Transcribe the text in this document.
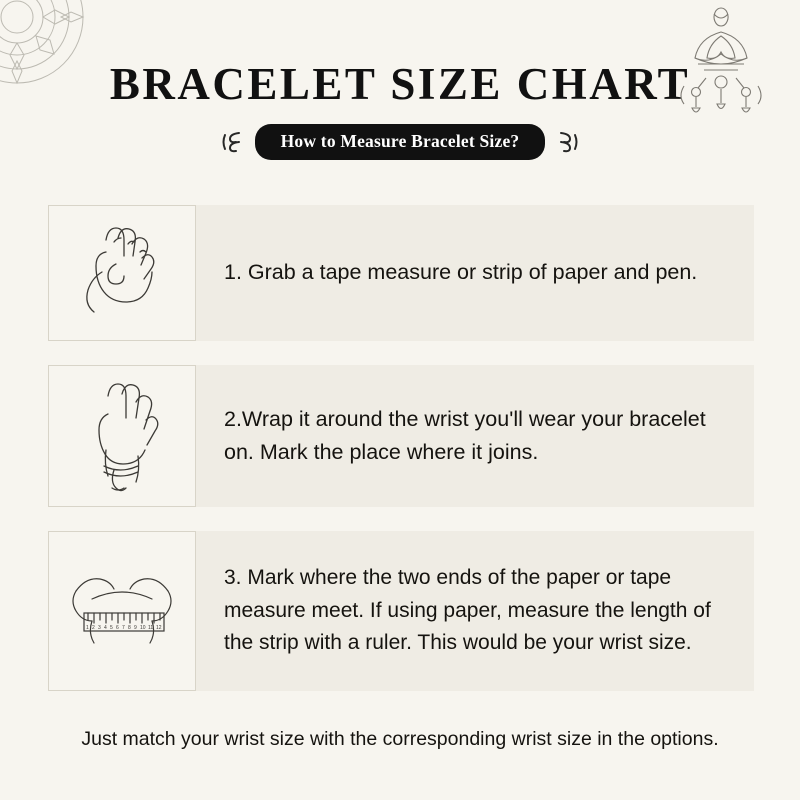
BRACELET SIZE CHART
How to Measure Bracelet Size?
1. Grab a tape measure or strip of paper and pen.
2.Wrap it around the wrist you'll wear your bracelet on. Mark the place where it joins.
1 2 3 4 5 6 7 8 9 10 11 12
3. Mark where the two ends of the paper or tape measure meet. If using paper, measure the length of the strip with a ruler. This would be your wrist size.
Just match your wrist size with the corresponding wrist size in the options.
